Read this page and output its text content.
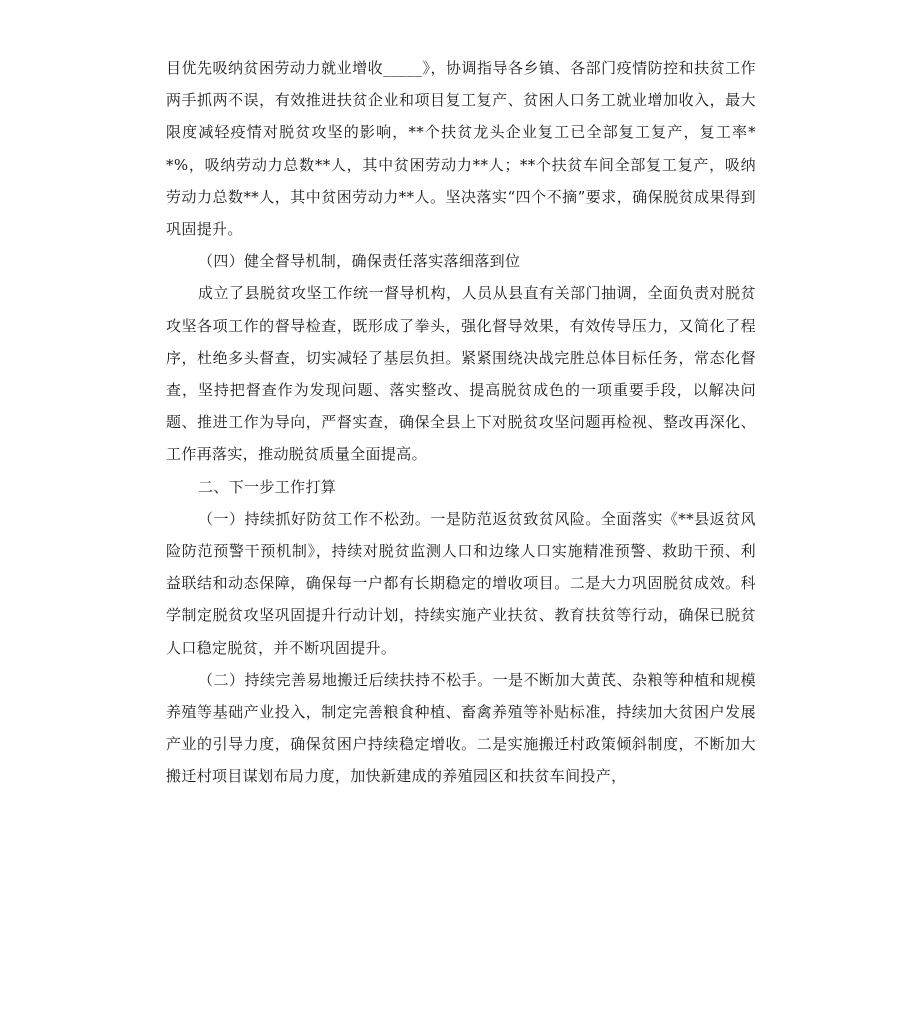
目优先吸纳贫困劳动力就业增收_____》，协调指导各乡镇、各部门疫情防控和扶贫工作两手抓两不误，有效推进扶贫企业和项目复工复产、贫困人口务工就业增加收入，最大限度减轻疫情对脱贫攻坚的影响，**个扶贫龙头企业复工已全部复工复产，复工率**%，吸纳劳动力总数**人，其中贫困劳动力**人；**个扶贫车间全部复工复产，吸纳劳动力总数**人，其中贫困劳动力**人。坚决落实“四个不摘”要求，确保脱贫成果得到巩固提升。

（四）健全督导机制，确保责任落实落细落到位

成立了县脱贫攻坚工作统一督导机构，人员从县直有关部门抽调，全面负责对脱贫攻坚各项工作的督导检查，既形成了拳头，强化督导效果，有效传导压力，又简化了程序，杜绝多头督查，切实减轻了基层负担。紧紧围绕决战完胜总体目标任务，常态化督查，坚持把督查作为发现问题、落实整改、提高脱贫成色的一项重要手段，以解决问题、推进工作为导向，严督实查，确保全县上下对脱贫攻坚问题再检视、整改再深化、工作再落实，推动脱贫质量全面提高。

二、下一步工作打算

（一）持续抓好防贫工作不松劲。一是防范返贫致贫风险。全面落实《**县返贫风险防范预警干预机制》，持续对脱贫监测人口和边缘人口实施精准预警、救助干预、利益联结和动态保障，确保每一户都有长期稳定的增收项目。二是大力巩固脱贫成效。科学制定脱贫攻坚巩固提升行动计划，持续实施产业扶贫、教育扶贫等行动，确保已脱贫人口稳定脱贫，并不断巩固提升。

（二）持续完善易地搬迁后续扶持不松手。一是不断加大黄芪、杂粮等种植和规模养殖等基础产业投入，制定完善粮食种植、畜禽养殖等补贴标准，持续加大贫困户发展产业的引导力度，确保贫困户持续稳定增收。二是实施搬迁村政策倾斜制度，不断加大搬迁村项目谋划布局力度，加快新建成的养殖园区和扶贫车间投产，
